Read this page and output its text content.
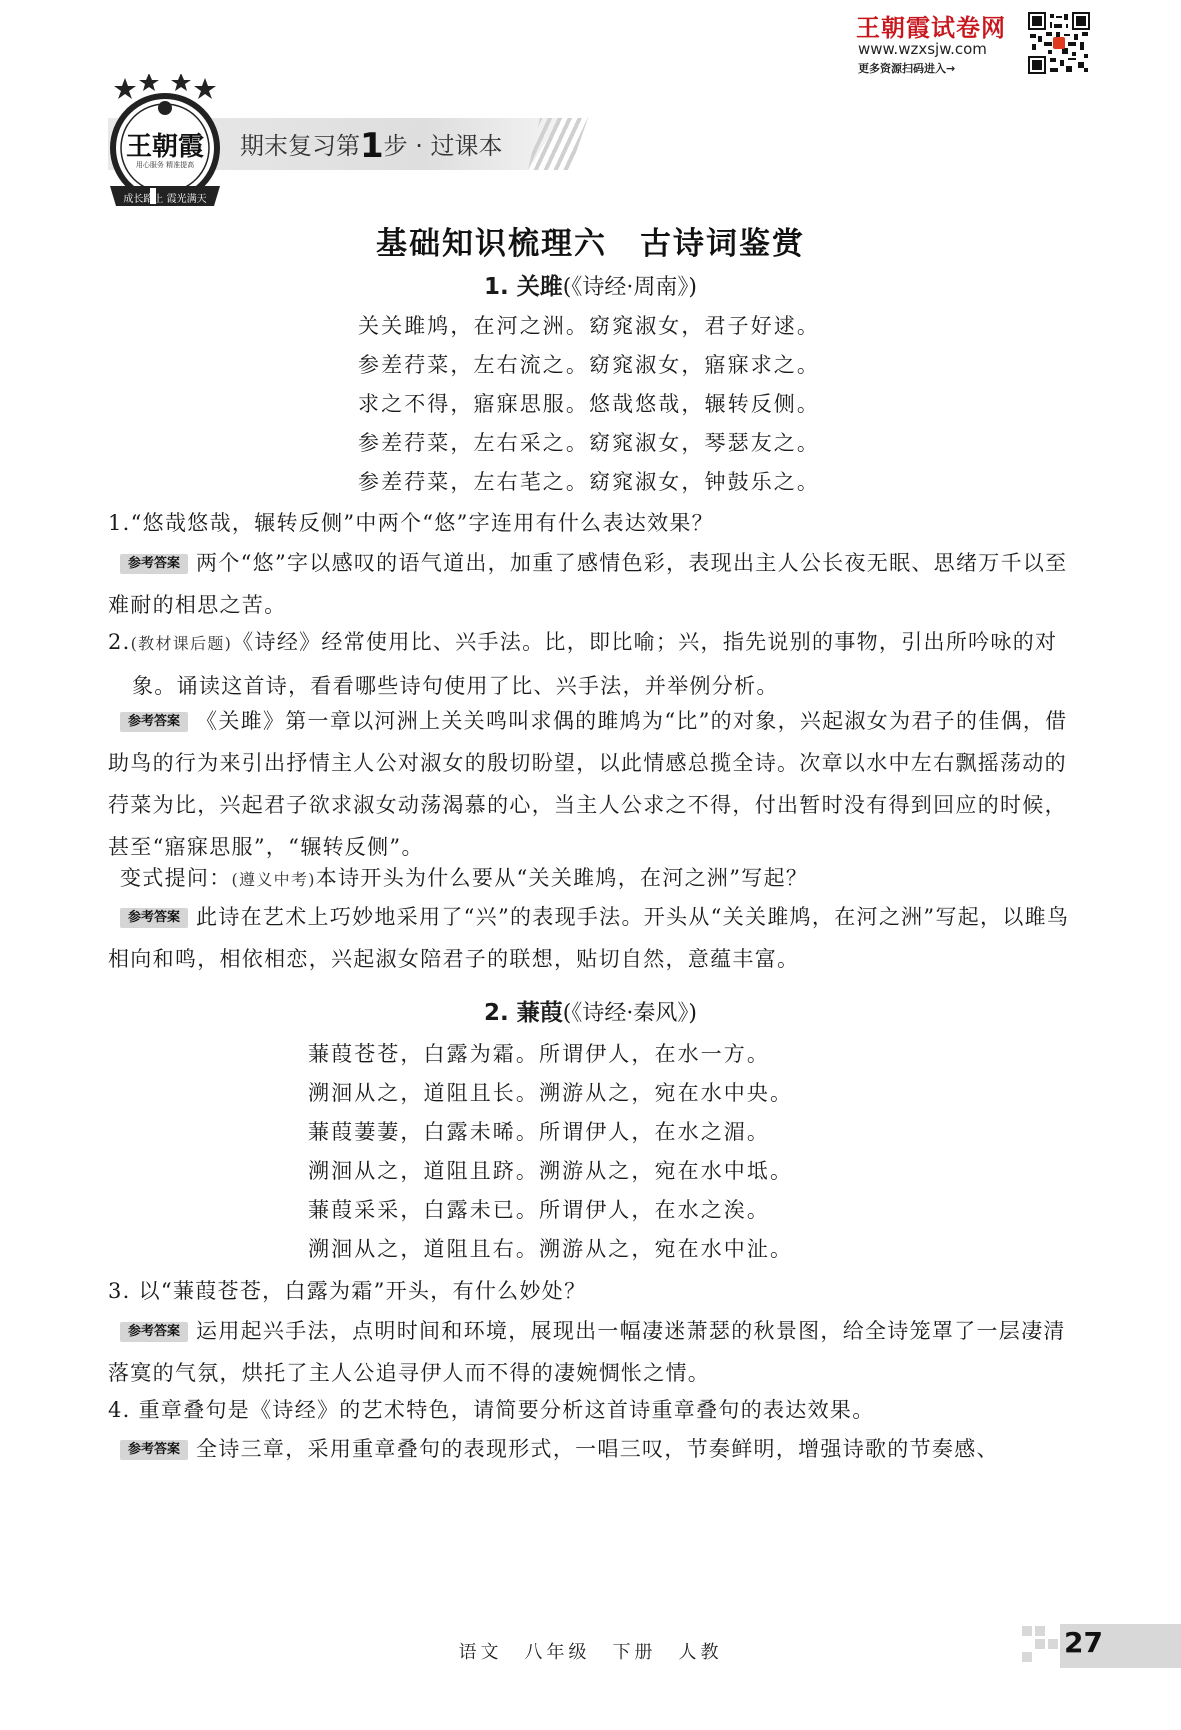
王朝霞试卷网
www.wzxsjw.com
更多资源扫码进入→
期末复习第1步 · 过课本
王朝霞
用心服务 精准提高
成长路上 霞光满天
基础知识梳理六　古诗词鉴赏
1. 关雎(《诗经·周南》)
关关雎鸠，在河之洲。窈窕淑女，君子好逑。
参差荇菜，左右流之。窈窕淑女，寤寐求之。
求之不得，寤寐思服。悠哉悠哉，辗转反侧。
参差荇菜，左右采之。窈窕淑女，琴瑟友之。
参差荇菜，左右芼之。窈窕淑女，钟鼓乐之。
1.“悠哉悠哉，辗转反侧”中两个“悠”字连用有什么表达效果？
参考答案 两个“悠”字以感叹的语气道出，加重了感情色彩，表现出主人公长夜无眠、思绪万千以至难耐的相思之苦。
2.(教材课后题)《诗经》经常使用比、兴手法。比，即比喻；兴，指先说别的事物，引出所吟咏的对象。诵读这首诗，看看哪些诗句使用了比、兴手法，并举例分析。
参考答案 《关雎》第一章以河洲上关关鸣叫求偶的雎鸠为“比”的对象，兴起淑女为君子的佳偶，借助鸟的行为来引出抒情主人公对淑女的殷切盼望，以此情感总揽全诗。次章以水中左右飘摇荡动的荇菜为比，兴起君子欲求淑女动荡渴慕的心，当主人公求之不得，付出暂时没有得到回应的时候，甚至“寤寐思服”，“辗转反侧”。
变式提问：(遵义中考)本诗开头为什么要从“关关雎鸠，在河之洲”写起？
参考答案 此诗在艺术上巧妙地采用了“兴”的表现手法。开头从“关关雎鸠，在河之洲”写起，以雎鸟相向和鸣，相依相恋，兴起淑女陪君子的联想，贴切自然，意蕴丰富。
2. 蒹葭(《诗经·秦风》)
蒹葭苍苍，白露为霜。所谓伊人，在水一方。
溯洄从之，道阻且长。溯游从之，宛在水中央。
蒹葭萋萋，白露未晞。所谓伊人，在水之湄。
溯洄从之，道阻且跻。溯游从之，宛在水中坻。
蒹葭采采，白露未已。所谓伊人，在水之涘。
溯洄从之，道阻且右。溯游从之，宛在水中沚。
3. 以“蒹葭苍苍，白露为霜”开头，有什么妙处？
参考答案 运用起兴手法，点明时间和环境，展现出一幅凄迷萧瑟的秋景图，给全诗笼罩了一层凄清落寞的气氛，烘托了主人公追寻伊人而不得的凄婉惆怅之情。
4. 重章叠句是《诗经》的艺术特色，请简要分析这首诗重章叠句的表达效果。
参考答案 全诗三章，采用重章叠句的表现形式，一唱三叹，节奏鲜明，增强诗歌的节奏感、
语文　八年级　下册　人教	27
